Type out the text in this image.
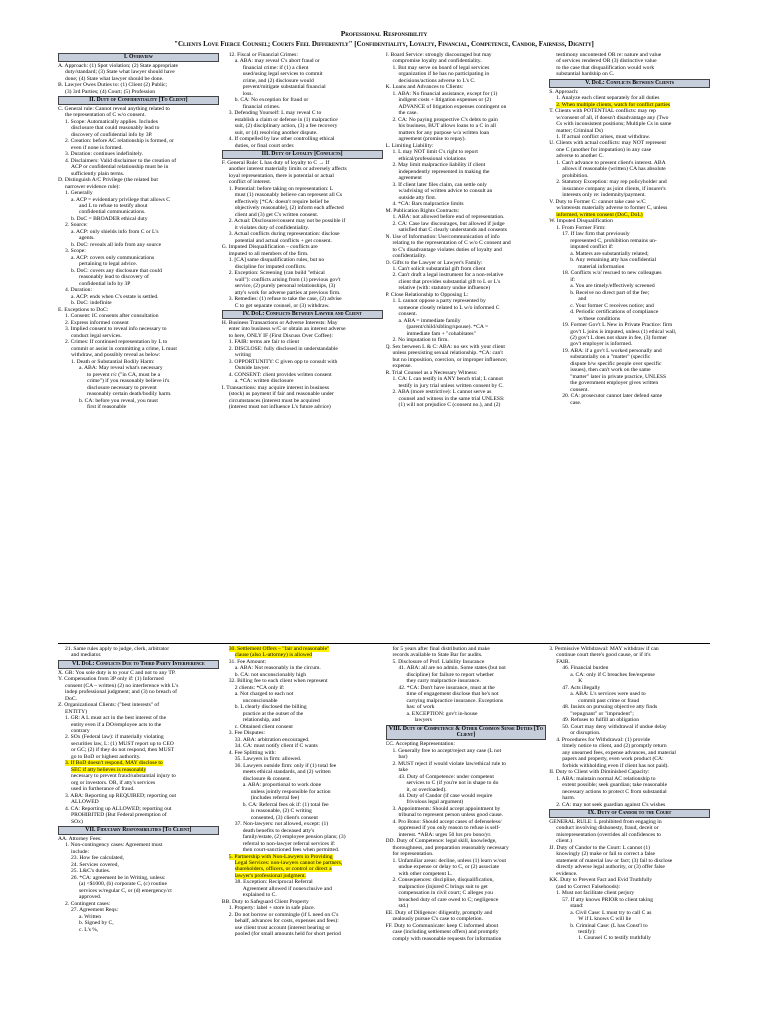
Professional Responsibility
"Clients Love Fierce Counsel; Courts Feel Differently" [Confidentiality, Loyalty, Financial, Competence, Candor, Fairness, Dignity]
I. Overview
A. Approach: (1) Spot violation; (2) State appropriate
duty/standard; (3) State what lawyer should have
done; (4) State what lawyer should be done.
B. Lawyer Owes Duties to: (1) Client (2) Public;
(3) 3rd Parties; (4) Court; (5) Profession
II. Duty of Confidentiality [To Client]
C. General rule: Cannot reveal anything related to
the representation of C w/o consent.
1. Scope: Automatically applies. Includes
disclosure that could reasonably lead to
discovery of confidential info by 3P.
2. Creation: before AC relationship is formed, or
even if none is formed.
3. Duration: continues indefinitely.
4. Disclaimers: Valid disclaimer to the creation of
ACP or confidential relationship must be in
sufficiently plain terms.
D. Distinguish A/C Privilege (the related but
narrower evidence rule):
1. Generally
a. ACP = evidentiary privilege that allows C
and L to refuse to testify about
confidential communications.
b. DoC = BROADER ethical duty
2. Source:
a. ACP: only shields info from C or L's
agents.
b. DoC: reveals all info from any source
3. Scope:
a. ACP: covers only communications
pertaining to legal advice.
b. DoC: covers any disclosure that could
reasonably lead to discovery of
confidential info by 3P
4. Duration:
a. ACP: ends when C's estate is settled.
b. DoC: indefinite
E. Exceptions to DoC:
1. Consent: IC consents after consultation
2. Express informed consent
3. Implied consent to reveal info necessary to
conduct legal services.
2. Crimes: If continued representation by L to
commit or assist in committing a crime, L must
withdraw, and possibly reveal as below:
1. Death or Substantial Bodily Harm:
a. ABA: May reveal what's necessary
to prevent r/c ("in CA, must be a
crime") if you reasonably believe it's
disclosure necessary to prevent
reasonably certain death/bodily harm.
b. CA: before you reveal, you must
first if reasonable
12. Fiscal or Financial Crimes:
a. ABA: may reveal C's abort fraud or
financial crime: if (1) a client
used/using legal services to commit
crime, and (2) disclosure would
prevent/mitigate substantial financial
loss.
b. CA: No exception for fraud or
financial crimes.
3. Defending Yourself: L may reveal C to
establish a claim or defense in (1) malpractice
suit, (2) disciplinary action, (3) a fee recovery
suit, or (4) resolving another dispute.
4. If compelled by law other controlling ethical
duties, or final court order.
III. Duty of Loyalty [Conflicts]
F. General Rule: L has duty of loyalty to C → If
another interest materially limits or adversely affects
loyal representation, there is potential or actual
conflict of interest.
1. Potential: before taking on representation: L
must (1) reasonably believe can represent all Cs
effectively [*CA: doesn't require belief be
objectively reasonable], (2) inform each affected
client and (3) get C's written consent.
2. Actual: Disclosure/consent may not be possible if
it violates duty of confidentiality.
3. Actual conflicts during representation: disclose
potential and actual conflicts + get consent.
G. Imputed Disqualification – conflicts are
imputed to all members of the firm.
1. [CA] same disqualification rules, but no
discipline for imputed conflicts.
2. Exception: Screening (can build "ethical
wall"): conflicts arising from (1) previous gov't
service, (2) purely personal relationships, (3)
atty's work for adverse parties at previous firm.
3. Remedies: (1) refuse to take the case, (2) advise
C to get separate counsel, or (3) withdraw.
IV. DoL: Conflicts Between Lawyer and Client
H. Business Transactions or Adverse Interests: May
enter into business w/C or obtain an interest adverse
to here, ONLY IF (First Discuss Over Coffee):
1. FAIR: terms are fair to client
2. DISCLOSE: fully disclosed in understandable
writing
3. OPPORTUNITY: C given opp to consult with
Outside lawyer.
4. CONSENT: client provides written consent
a. *CA: written disclosure
I. Transactions: may acquire interest in business
(stock) as payment if fair and reasonable under
circumstances (interest must be acquired
(interest must not influence L's future advice)
J. Board Service: strongly discouraged but may
compromise loyalty and confidentiality.
1. But may serve on board of legal services
organization if he has no participating in
decisions/actions adverse to L's C.
K. Loans and Advances to Clients:
1. ABA: No financial assistance, except for (1)
indigent costs + litigation expenses or (2)
ADVANCE of litigation expenses contingent on
the case.
2. CA: No paying prospective C's debts to gain
his business, BUT allows loans to a C in all
matters for any purpose w/a written loan
agreement (promise to repay).
L. Limiting Liability:
1. L may NOT limit C's right to report
ethical/professional violations
2. May limit malpractice liability if client
independently represented in making the
agreement
3. If client later files claim, can settle only
w/advising of written advice to consult an
outside atty first.
4. *CA: Bars malpractice limits
M. Publication Rights Contracts:
1. ABA: not allowed before end of representation.
2. CA: Case law discourages, but allowed if judge
satisfied that C clearly understands and consents
N. Use of Information: Use/communication of info
relating to the representation of C w/o C consent and
to C's disadvantage violates duties of loyalty and
confidentiality.
O. Gifts to the Lawyer or Lawyer's Family:
1. Can't solicit substantial gift from client
2. Can't draft a legal instrument for a non-relative
client that provides substantial gift to L or L's
relative (with: statutory undue influence)
P. Close Relationship to Opposing L:
1. L cannot oppose a party represented by
someone closely related to L w/o informed C
consent.
a. ABA = immediate family
(parent/child/sibling/spouse). *CA =
immediate fam + "cohabitates"
2. No imputation to firm.
Q. Sex between L & C: ABA: no sex with your client
unless preexisting sexual relationship. *CA: can't
but no imposition, coercion, or improper influence;
expense.
R. Trial Counsel as a Necessary Witness:
1. CA: L can testify in ANY bench trial; L cannot
testify in jury trial unless written consent by C.
2. ABA (more restrictive): L cannot serve as
counsel and witness in the same trial UNLESS:
(1) will not prejudice C (consent no.), and (2)
testimony uncontested OR re: nature and value
of services rendered OR (3) distinctive value
to the case that disqualification would work
substantial hardship on C.
V. DoL: Conflicts Between Clients
S. Approach:
1. Analyze each client separately for all duties
2. When multiple clients, watch for conflict parties
T. Clients with POTENTIAL conflicts: may rep
w/consent of all, if doesn't disadvantage any (Two
Cs with inconsistent positions; Multiple Cs in same
matter; Criminal Ds)
1. If actual conflict arises, must withdraw.
U. Clients with actual conflicts: may NOT represent
one C (another for imputation) in any case
adverse to another C.
1. Can't advance to present client's interest. ABA
allows if reasonable (written) CA has absolute
prohibition.
2. Statutory Exception: may rep policyholder and
insurance company as joint clients, if insurer's
interests only re: indemnity/payment.
V. Duty to Former C: cannot take case w/C
w/interests materially adverse to former C, unless
informed, written consent (DoC, DoL)
W. Imputed Disqualification
1. From Former Firm:
17. If law firm that previously
represented C, prohibition remains un-
imputed conflict if:
a. Matters are substantially related;
b. Any remaining atty has confidential
material information
18. Conflicts w/a' rescued to new colleagues
if:
a. You are timely/effectively screened
b. Receive no direct part of the fee;
and
c. Your former C receives notice; and
d. Periodic certifications of compliance
w/these conditions
19. Former Gov't L New in Private Practice: firm
gov't L joins is imputed, unless (1) ethical wall,
(2) gov't L does not share in fee, (3) former
gov't employer is informed.
19. ABA: if a gov't L worked personally and
substantially on a "matter" (specific
dispute b/w specific people over specific
issues), then can't work on the same
"matter" later in private practice, UNLESS
the government employer gives written
consent.
20. CA: prosecutor cannot later defend same
case.
21. Same rules apply to judge, clerk, arbitrator
and mediator.
VI. DoL: Conflicts Due to Third Party Interference
X. GR: You sole duty is to your C and not to any TP.
Y. Compensation from 3P only if: (1) Informed
consent (CA – written) (2) no interference with L's
indep professional judgment; and (3) no breach of
DoC.
Z. Organizational Clients: ("best interests" of
ENTITY)
1. GR: A L must act in the best interest of the
entity even if a DO/employee acts to the
contrary
2. SOx (Federal law): if materially violating
securities law, L: (1) MUST report up to CEO
or GC; (2) if they do not respond, then MUST
go to BoD or highest authority.
3. If BoD doesn't respond, MAY disclose to
SEC if atty believes is reasonably
necessary to prevent fraud/substantial injury to
org or investors. OR, if atty's services
used in furtherance of fraud.
3. ABA: Reporting up REQUIRED; reporting out
ALLOWED
4. CA: Reporting up ALLOWED; reporting out
PROHIBITED (But Federal preemption of
SOx)
VII. Fiduciary Responsibilities [To Client]
AA. Attorney Fees:
1. Non-contingency cases: Agreement must
include:
23. How fee calculated,
24. Services covered,
25. L&C's duties.
26. *CA: agreement be in Writing, unless:
(a) <$1000, (b) corporate C, (c) routine
services w/regular C, or (d) emergency/ct
approved.
2. Contingent cases:
27. Agreement Reqs:
a. Written
b. Signed by C,
c. L's %,
30. Settlement Offers – "fair and reasonable"
clause (also L-attorney) is allowed
31. Fee Amount:
a. ABA: Not reasonably in the circum.
b. CA: not unconscionably high
32. Billing fee to each client when represent
2 clients: *CA only if:
a. Not charged to each not
unconscionable
b. L clearly disclosed the billing
practice at the outset of the
relationship, and
c. Obtained client consent
3. Fee Disputes:
33. ABA: arbitration encouraged.
34. CA: must notify client if C wants
4. Fee Splitting with:
35. Lawyers in firm: allowed.
36. Lawyers outside firm: only if (1) total fee
meets ethical standards, and (2) written
disclosure & consent.
a. ABA: proportional to work done
unless jointly responsible for action
(includes referral fee)
b. CA: Referral fees ok if: (1) total fee
is reasonable, (2) C writing
consented, (3) client's consent
37. Non-lawyers: not allowed, except: (1)
death benefits to deceased atty's
family/estate, (2) employee pension plans; (3)
referral to non-lawyer referral services if:
then court-sanctioned fees when permitted.
5. Partnership with Non-Lawyers in Providing
Legal Services: non-lawyers cannot be partners,
shareholders, officers, or control or direct a
lawyer's professional judgment.
38. Exception: Reciprocal Referral
Agreement allowed if nonexclusive and
explained to C.
BB. Duty to Safeguard Client Property
1. Property: label + store in safe place.
2. Do not borrow or commingle (if L need on C's
behalf, advances for costs, expenses and fees):
use client trust account (interest bearing or
pooled (for small amounts held for short period
for 5 years after final distribution and make
records available to State Bar for audits.
5. Disclosure of Prof. Liability Insurance
41. ABA: all are no admin. Some states (but not
discipline) for failure to report whether
they carry malpractice insurance.
42. *CA: Don't have insurance, must at the
time of engagement disclose that he's not
carrying malpractice insurance. Exceptions
has: of work
a. EXCEPTION: gov't in-house
lawyers
VIII. Duty of Competence & Other Common Sense Duties [To Client]
CC. Accepting Representation:
1. Generally free to accept/reject any case (L not
bar)
2. MUST reject if would violate law/ethical rule to
take
43. Duty of Competence: under competent
services to C (if you're not in shape to do
it, or overloaded).
44. Duty of Candor (if case would require
frivolous legal argument)
3. Appointments: Should accept appointment by
tribunal to represent person unless good cause.
4. Pro Bono: Should accept cases of defenseless/
oppressed if you only reason to refuse is self-
interest. *ABA: urges 50 hrs pro bono/yr.
DD. Duty of Competence: legal skill, knowledge,
thoroughness, and preparation reasonably necessary
for representation.
1. Unfamiliar areas: decline, unless (1) learn w/out
undue expense or delay to C, or (2) associate
with other competent L.
2. Consequences: discipline, disqualification,
malpractice (injured C brings suit to get
compensation in civil court; C alleges you
breached duty of care owed to C; negligence
std.)
EE. Duty of Diligence: diligently, promptly and
zealously pursue C's case to completion.
FF. Duty to Communicate: keep C informed about
case (including settlement offers) and promptly
comply with reasonable requests for information
3. Permissive Withdrawal: MAY withdraw if can
continue court there's good cause, or if it's
FAIR.
46. Financial burden
a. CA: only if C breaches fee/expense
K
47. Acts illegally
a. ABA: L's services were used to
commit past crime or fraud
48. Insists on pursuing objective atty finds
"repugnant" or "imprudent";
49. Refuses to fulfill an obligation
50. Court may deny withdrawal if undue delay
or disruption.
4. Procedures for Withdrawal: (1) provide
timely notice to client, and (2) promptly return
any unearned fees, expense advances, and material
papers and property, even work product (CA:
forbids withholding even if client has not paid).
II. Duty to Client with Diminished Capacity:
1. ABA: maintain normal AC relationship to
extent possible; seek guardian; take reasonable
necessary actions to protect C from substantial
harm.
2. CA: may not seek guardian against C's wishes
IX. Duty of Candor to the Court
GENERAL RULE: L prohibited from engaging in
conduct involving dishonesty, fraud, deceit or
misrepresentation (overrides all confidences to
client.)
JJ. Duty of Candor to the Court: L cannot (1)
knowingly (2) make or fail to correct a false
statement of material law or fact; (3) fail to disclose
directly adverse legal authority, or (3) offer false
evidence.
KK. Duty to Prevent Fact and Evid Truthfully
(and to Correct Falsehoods):
1. Must not facilitate client perjury
57. If atty knows PRIOR to client taking
stand:
a. Civil Case: L must try to call C as
W if L knows C will lie
b. Criminal Case: (L has Const'l to
testify):
1. Counsel C to testify truthfully
